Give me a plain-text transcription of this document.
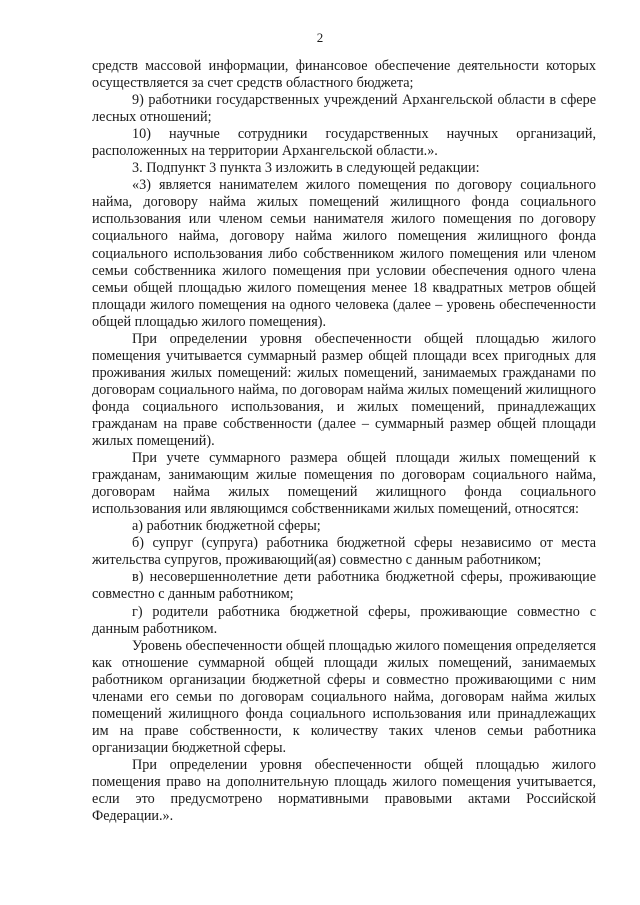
2

средств массовой информации, финансовое обеспечение деятельности которых осуществляется за счет средств областного бюджета;

9) работники государственных учреждений Архангельской области в сфере лесных отношений;

10) научные сотрудники государственных научных организаций, расположенных на территории Архангельской области.».

3. Подпункт 3 пункта 3 изложить в следующей редакции:

«3) является нанимателем жилого помещения по договору социального найма, договору найма жилых помещений жилищного фонда социального использования или членом семьи нанимателя жилого помещения по договору социального найма, договору найма жилого помещения жилищного фонда социального использования либо собственником жилого помещения или членом семьи собственника жилого помещения при условии обеспечения одного члена семьи общей площадью жилого помещения менее 18 квадратных метров общей площади жилого помещения на одного человека (далее – уровень обеспеченности общей площадью жилого помещения).

При определении уровня обеспеченности общей площадью жилого помещения учитывается суммарный размер общей площади всех пригодных для проживания жилых помещений: жилых помещений, занимаемых гражданами по договорам социального найма, по договорам найма жилых помещений жилищного фонда социального использования, и жилых помещений, принадлежащих гражданам на праве собственности (далее – суммарный размер общей площади жилых помещений).

При учете суммарного размера общей площади жилых помещений к гражданам, занимающим жилые помещения по договорам социального найма, договорам найма жилых помещений жилищного фонда социального использования или являющимся собственниками жилых помещений, относятся:

а) работник бюджетной сферы;

б) супруг (супруга) работника бюджетной сферы независимо от места жительства супругов, проживающий(ая) совместно с данным работником;

в) несовершеннолетние дети работника бюджетной сферы, проживающие совместно с данным работником;

г) родители работника бюджетной сферы, проживающие совместно с данным работником.

Уровень обеспеченности общей площадью жилого помещения определяется как отношение суммарной общей площади жилых помещений, занимаемых работником организации бюджетной сферы и совместно проживающими с ним членами его семьи по договорам социального найма, договорам найма жилых помещений жилищного фонда социального использования или принадлежащих им на праве собственности, к количеству таких членов семьи работника организации бюджетной сферы.

При определении уровня обеспеченности общей площадью жилого помещения право на дополнительную площадь жилого помещения учитывается, если это предусмотрено нормативными правовыми актами Российской Федерации.».
